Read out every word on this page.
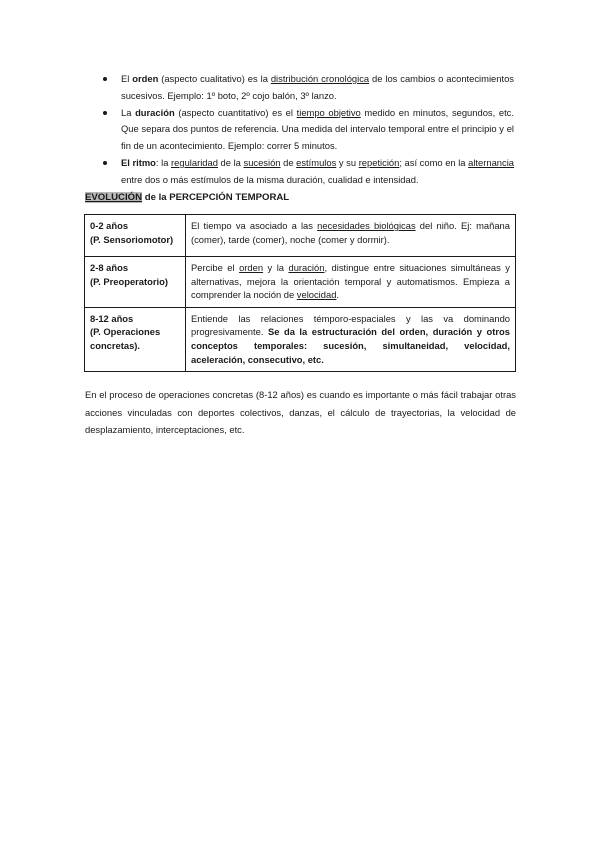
El orden (aspecto cualitativo) es la distribución cronológica de los cambios o acontecimientos sucesivos. Ejemplo: 1º boto, 2º cojo balón, 3º lanzo.
La duración (aspecto cuantitativo) es el tiempo objetivo medido en minutos, segundos, etc. Que separa dos puntos de referencia. Una medida del intervalo temporal entre el principio y el fin de un acontecimiento. Ejemplo: correr 5 minutos.
El ritmo: la regularidad de la sucesión de estímulos y su repetición; así como en la alternancia entre dos o más estímulos de la misma duración, cualidad e intensidad.
EVOLUCIÓN de la PERCEPCIÓN TEMPORAL
0-2 años
(P. Sensoriomotor)	El tiempo va asociado a las necesidades biológicas del niño. Ej: mañana (comer), tarde (comer), noche (comer y dormir).

2-8 años
(P. Preoperatorio)	Percibe el orden y la duración, distingue entre situaciones simultáneas y alternativas, mejora la orientación temporal y automatismos. Empieza a comprender la noción de velocidad.

8-12 años
(P. Operaciones concretas).	Entiende las relaciones témporo-espaciales y las va dominando progresivamente. Se da la estructuración del orden, duración y otros conceptos temporales: sucesión, simultaneidad, velocidad, aceleración, consecutivo, etc.

En el proceso de operaciones concretas (8-12 años) es cuando es importante o más fácil trabajar otras acciones vinculadas con deportes colectivos, danzas, el cálculo de trayectorias, la velocidad de desplazamiento, interceptaciones, etc.
